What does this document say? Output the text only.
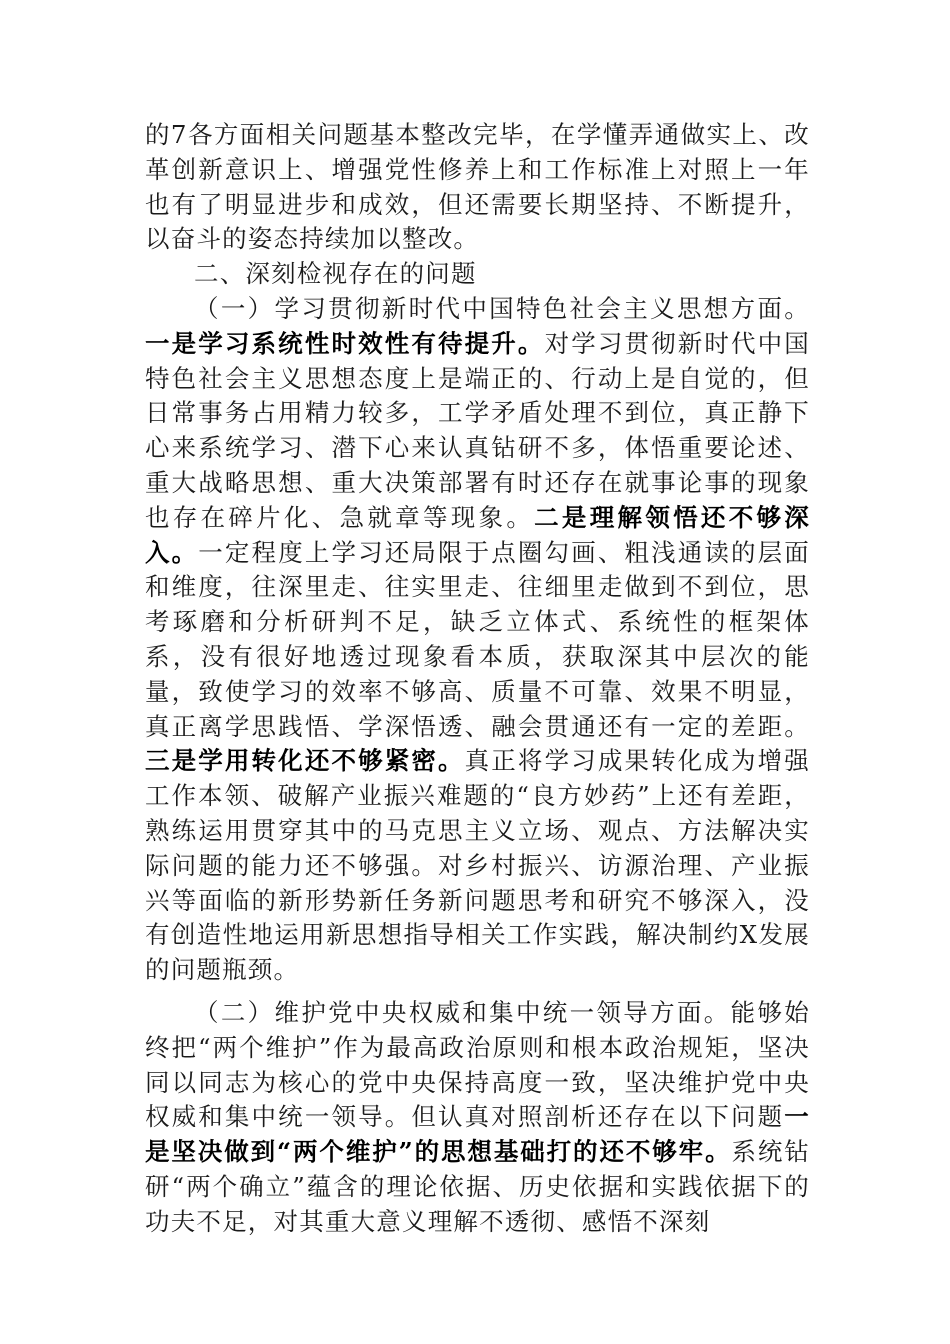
的7各方面相关问题基本整改完毕，在学懂弄通做实上、改革创新意识上、增强党性修养上和工作标准上对照上一年也有了明显进步和成效，但还需要长期坚持、不断提升，以奋斗的姿态持续加以整改。

二、深刻检视存在的问题

（一）学习贯彻新时代中国特色社会主义思想方面。一是学习系统性时效性有待提升。对学习贯彻新时代中国特色社会主义思想态度上是端正的、行动上是自觉的，但日常事务占用精力较多，工学矛盾处理不到位，真正静下心来系统学习、潜下心来认真钻研不多，体悟重要论述、重大战略思想、重大决策部署有时还存在就事论事的现象也存在碎片化、急就章等现象。二是理解领悟还不够深入。一定程度上学习还局限于点圈勾画、粗浅通读的层面和维度，往深里走、往实里走、往细里走做到不到位，思考琢磨和分析研判不足，缺乏立体式、系统性的框架体系，没有很好地透过现象看本质，获取深其中层次的能量，致使学习的效率不够高、质量不可靠、效果不明显，真正离学思践悟、学深悟透、融会贯通还有一定的差距。三是学用转化还不够紧密。真正将学习成果转化成为增强工作本领、破解产业振兴难题的“良方妙药”上还有差距，熟练运用贯穿其中的马克思主义立场、观点、方法解决实际问题的能力还不够强。对乡村振兴、访源治理、产业振兴等面临的新形势新任务新问题思考和研究不够深入，没有创造性地运用新思想指导相关工作实践，解决制约X发展的问题瓶颈。

（二）维护党中央权威和集中统一领导方面。能够始终把“两个维护”作为最高政治原则和根本政治规矩，坚决同以同志为核心的党中央保持高度一致，坚决维护党中央权威和集中统一领导。但认真对照剖析还存在以下问题一是坚决做到“两个维护”的思想基础打的还不够牢。系统钻研“两个确立”蕴含的理论依据、历史依据和实践依据下的功夫不足，对其重大意义理解不透彻、感悟不深刻
